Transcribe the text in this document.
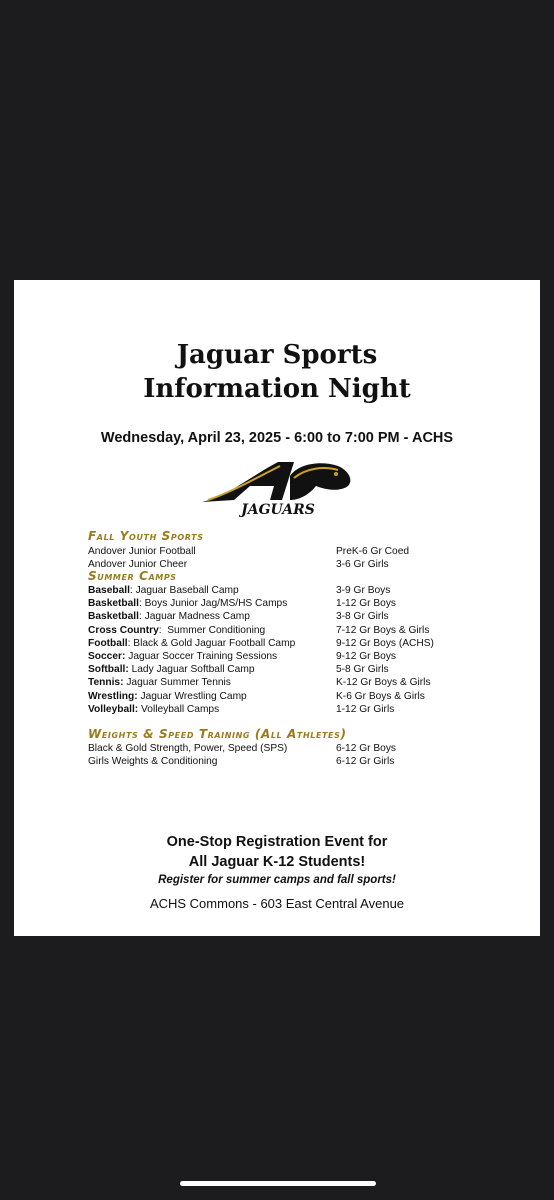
Jaguar Sports
Information Night
Wednesday, April 23, 2025 - 6:00 to 7:00 PM - ACHS
JAGUARS
Fall Youth Sports
Andover Junior Football	PreK-6 Gr Coed
Andover Junior Cheer	3-6 Gr Girls
Summer Camps
Baseball: Jaguar Baseball Camp	3-9 Gr Boys
Basketball: Boys Junior Jag/MS/HS Camps	1-12 Gr Boys
Basketball: Jaguar Madness Camp	3-8 Gr Girls
Cross Country:  Summer Conditioning	7-12 Gr Boys & Girls
Football: Black & Gold Jaguar Football Camp	9-12 Gr Boys (ACHS)
Soccer: Jaguar Soccer Training Sessions	9-12 Gr Boys
Softball: Lady Jaguar Softball Camp	5-8 Gr Girls
Tennis: Jaguar Summer Tennis	K-12 Gr Boys & Girls
Wrestling: Jaguar Wrestling Camp	K-6 Gr Boys & Girls
Volleyball: Volleyball Camps	1-12 Gr Girls
Weights & Speed Training (All Athletes)
Black & Gold Strength, Power, Speed (SPS)	6-12 Gr Boys
Girls Weights & Conditioning	6-12 Gr Girls
One-Stop Registration Event for
All Jaguar K-12 Students!
Register for summer camps and fall sports!
ACHS Commons - 603 East Central Avenue
